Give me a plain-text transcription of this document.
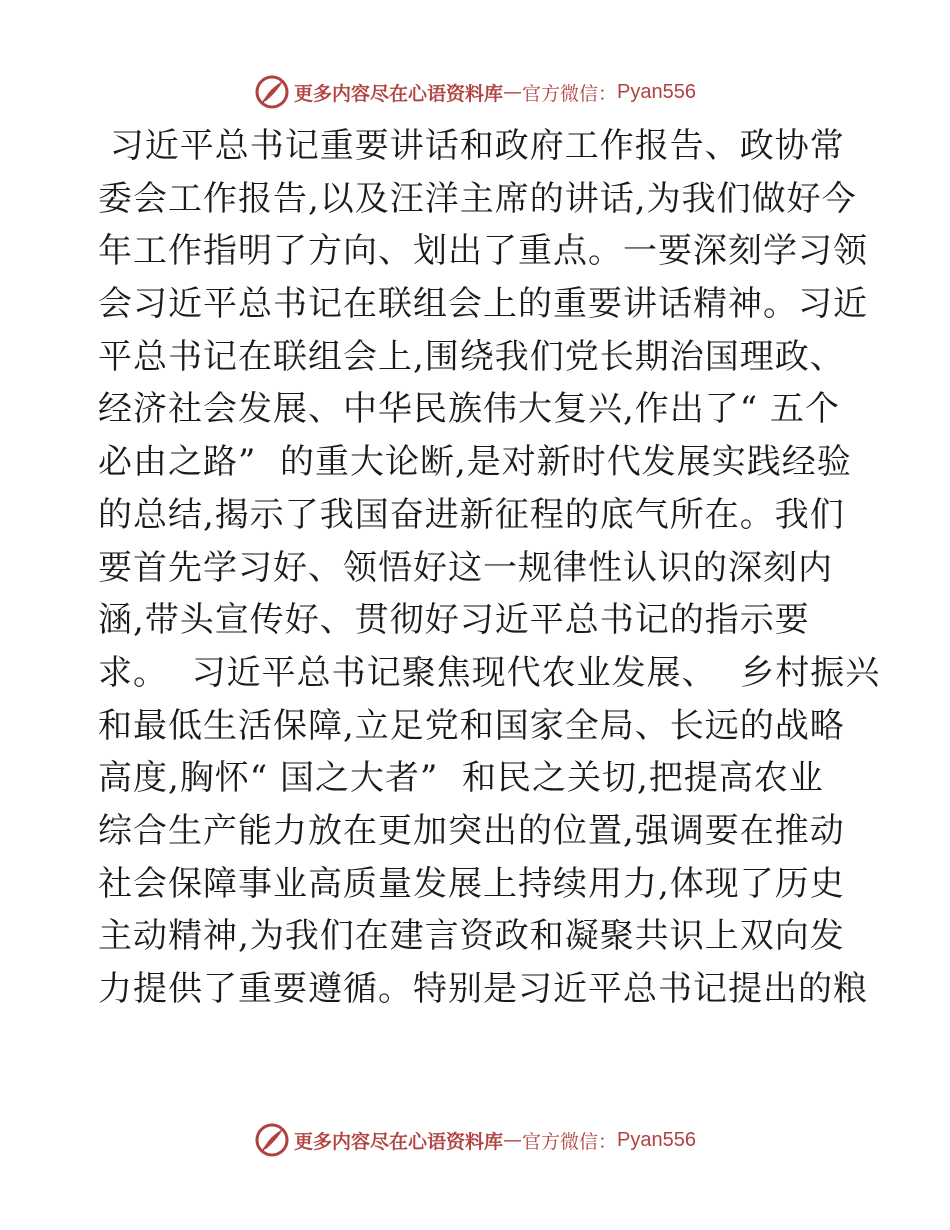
更多内容尽在心语资料库 — 官方微信： Pyan556
习近平总书记重要讲话和政府工作报告、政协常
委会工作报告,以及汪洋主席的讲话,为我们做好今
年工作指明了方向、划出了重点。一要深刻学习领
会习近平总书记在联组会上的重要讲话精神。习近
平总书记在联组会上,围绕我们党长期治国理政、
经济社会发展、中华民族伟大复兴,作出了“ 五个
必由之路”  的重大论断,是对新时代发展实践经验
的总结,揭示了我国奋进新征程的底气所在。我们
要首先学习好、领悟好这一规律性认识的深刻内
涵,带头宣传好、贯彻好习近平总书记的指示要
求。  习近平总书记聚焦现代农业发展、  乡村振兴
和最低生活保障,立足党和国家全局、长远的战略
高度,胸怀“ 国之大者”  和民之关切,把提高农业
综合生产能力放在更加突出的位置,强调要在推动
社会保障事业高质量发展上持续用力,体现了历史
主动精神,为我们在建言资政和凝聚共识上双向发
力提供了重要遵循。特别是习近平总书记提出的粮
更多内容尽在心语资料库 — 官方微信： Pyan556
